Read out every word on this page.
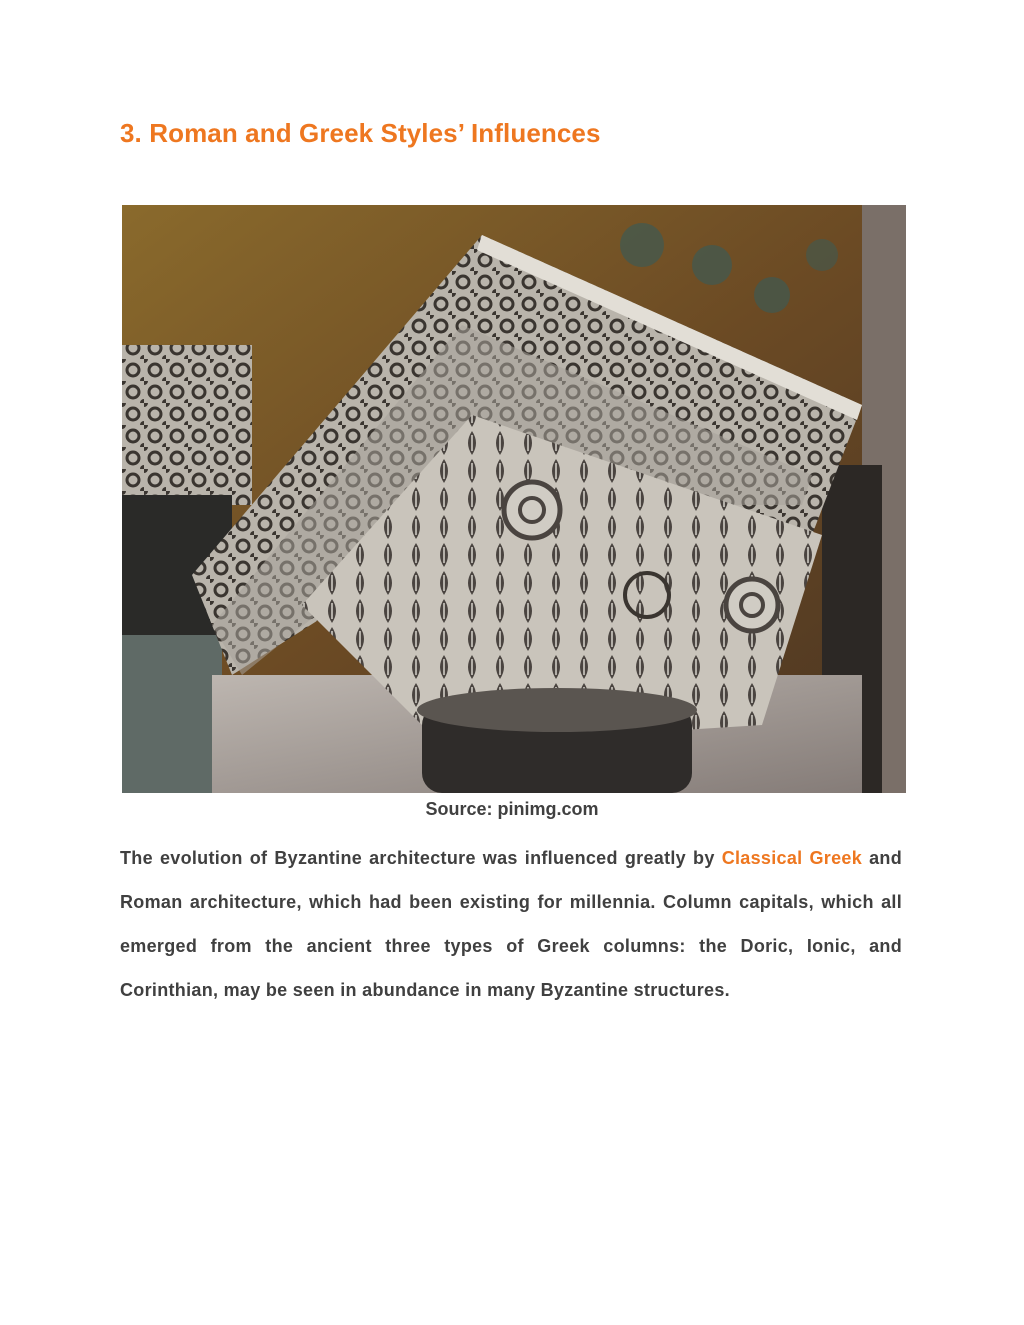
3. Roman and Greek Styles’ Influences
Source: pinimg.com

The evolution of Byzantine architecture was influenced greatly by Classical Greek and Roman architecture, which had been existing for millennia. Column capitals, which all emerged from the ancient three types of Greek columns: the Doric, Ionic, and Corinthian, may be seen in abundance in many Byzantine structures.
